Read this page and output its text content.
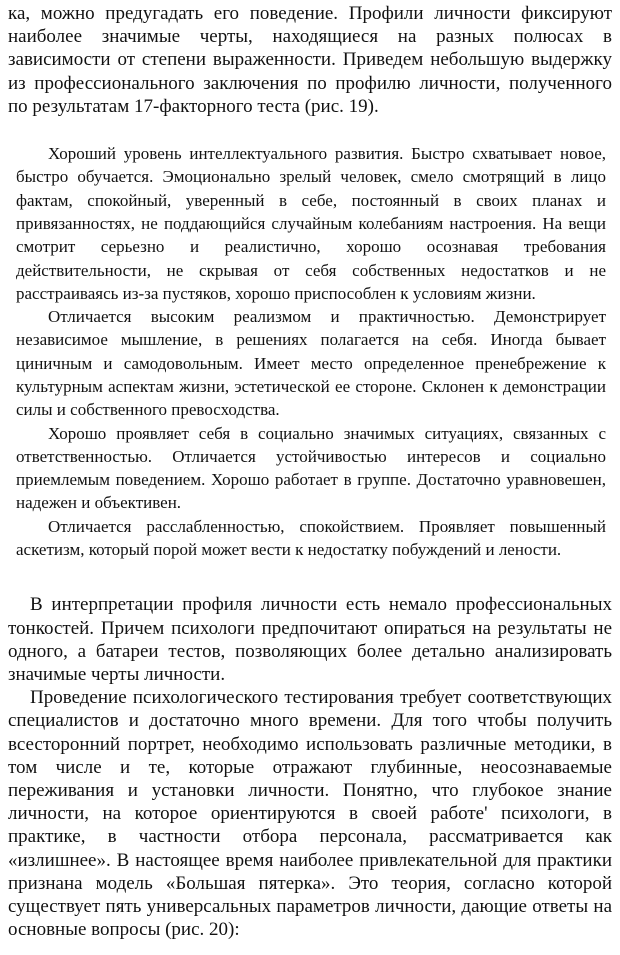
ка, можно предугадать его поведение. Профили личности фиксируют наиболее значимые черты, находящиеся на разных полюсах в зависимости от степени выраженности. Приведем небольшую выдержку из профессионального заключения по профилю личности, полученного по результатам 17-факторного теста (рис. 19).

Хороший уровень интеллектуального развития. Быстро схватывает новое, быстро обучается. Эмоционально зрелый человек, смело смотрящий в лицо фактам, спокойный, уверенный в себе, постоянный в своих планах и привязанностях, не поддающийся случайным колебаниям настроения. На вещи смотрит серьезно и реалистично, хорошо осознавая требования действительности, не скрывая от себя собственных недостатков и не расстраиваясь из-за пустяков, хорошо приспособлен к условиям жизни.

Отличается высоким реализмом и практичностью. Демонстрирует независимое мышление, в решениях полагается на себя. Иногда бывает циничным и самодовольным. Имеет место определенное пренебрежение к культурным аспектам жизни, эстетической ее стороне. Склонен к демонстрации силы и собственного превосходства.

Хорошо проявляет себя в социально значимых ситуациях, связанных с ответственностью. Отличается устойчивостью интересов и социально приемлемым поведением. Хорошо работает в группе. Достаточно уравновешен, надежен и объективен.

Отличается расслабленностью, спокойствием. Проявляет повышенный аскетизм, который порой может вести к недостатку побуждений и лености.

В интерпретации профиля личности есть немало профессиональных тонкостей. Причем психологи предпочитают опираться на результаты не одного, а батареи тестов, позволяющих более детально анализировать значимые черты личности.

Проведение психологического тестирования требует соответствующих специалистов и достаточно много времени. Для того чтобы получить всесторонний портрет, необходимо использовать различные методики, в том числе и те, которые отражают глубинные, неосознаваемые переживания и установки личности. Понятно, что глубокое знание личности, на которое ориентируются в своей работе' психологи, в практике, в частности отбора персонала, рассматривается как «излишнее». В настоящее время наиболее привлекательной для практики признана модель «Большая пятерка». Это теория, согласно которой существует пять универсальных параметров личности, дающие ответы на основные вопросы (рис. 20):
